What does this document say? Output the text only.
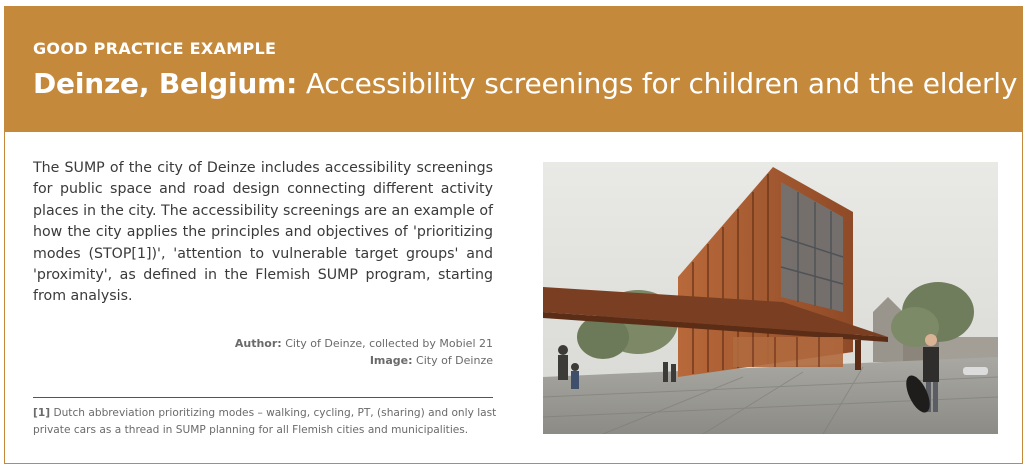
GOOD PRACTICE EXAMPLE
Deinze, Belgium: Accessibility screenings for children and the elderly
The SUMP of the city of Deinze includes accessibility screenings for public space and road design connecting different activity places in the city. The accessibility screenings are an example of how the city applies the principles and objectives of 'prioritizing modes (STOP[1])', 'attention to vulnerable target groups' and 'proximity', as defined in the Flemish SUMP program, starting from analysis.
Author: City of Deinze, collected by Mobiel 21
Image: City of Deinze
[1] Dutch abbreviation prioritizing modes – walking, cycling, PT, (sharing) and only last private cars as a thread in SUMP planning for all Flemish cities and municipalities.
